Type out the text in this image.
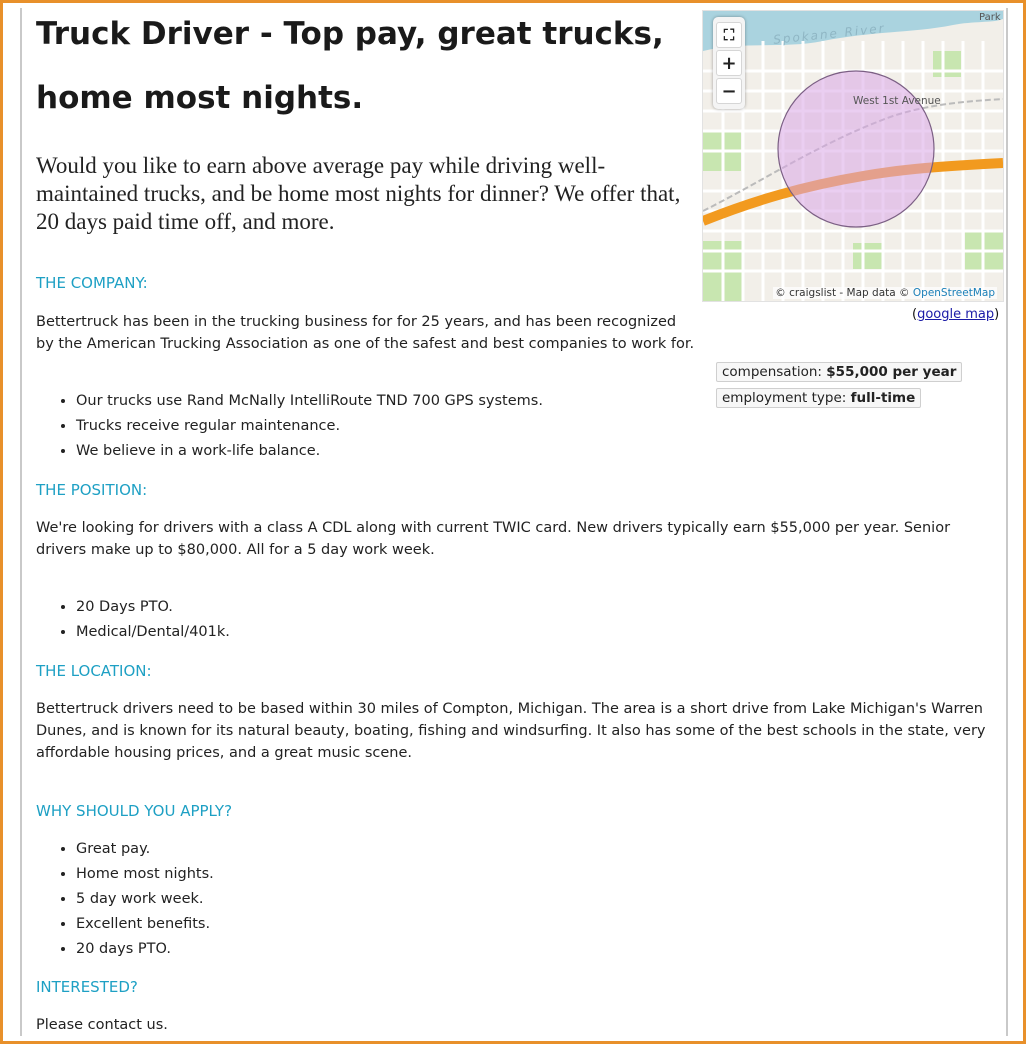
Truck Driver - Top pay, great trucks, home most nights.

Would you like to earn above average pay while driving well-maintained trucks, and be home most nights for dinner? We offer that, 20 days paid time off, and more.

THE COMPANY:

Bettertruck has been in the trucking business for for 25 years, and has been recognized by the American Trucking Association as one of the safest and best companies to work for.

• Our trucks use Rand McNally IntelliRoute TND 700 GPS systems.
• Trucks receive regular maintenance.
• We believe in a work-life balance.
THE POSITION:

We're looking for drivers with a class A CDL along with current TWIC card. New drivers typically earn $55,000 per year. Senior drivers make up to $80,000. All for a 5 day work week.

• 20 Days PTO.
• Medical/Dental/401k.
THE LOCATION:

Bettertruck drivers need to be based within 30 miles of Compton, Michigan. The area is a short drive from Lake Michigan's Warren Dunes, and is known for its natural beauty, boating, fishing and windsurfing. It also has some of the best schools in the state, very affordable housing prices, and a great music scene.

WHY SHOULD YOU APPLY?
• Great pay.
• Home most nights.
• 5 day work week.
• Excellent benefits.
• 20 days PTO.
INTERESTED?

Please contact us.

Spokane River
West 1st Avenue
Park
⛶
+
−
© craigslist - Map data © OpenStreetMap
(google map)
compensation: $55,000 per year
employment type: full-time
